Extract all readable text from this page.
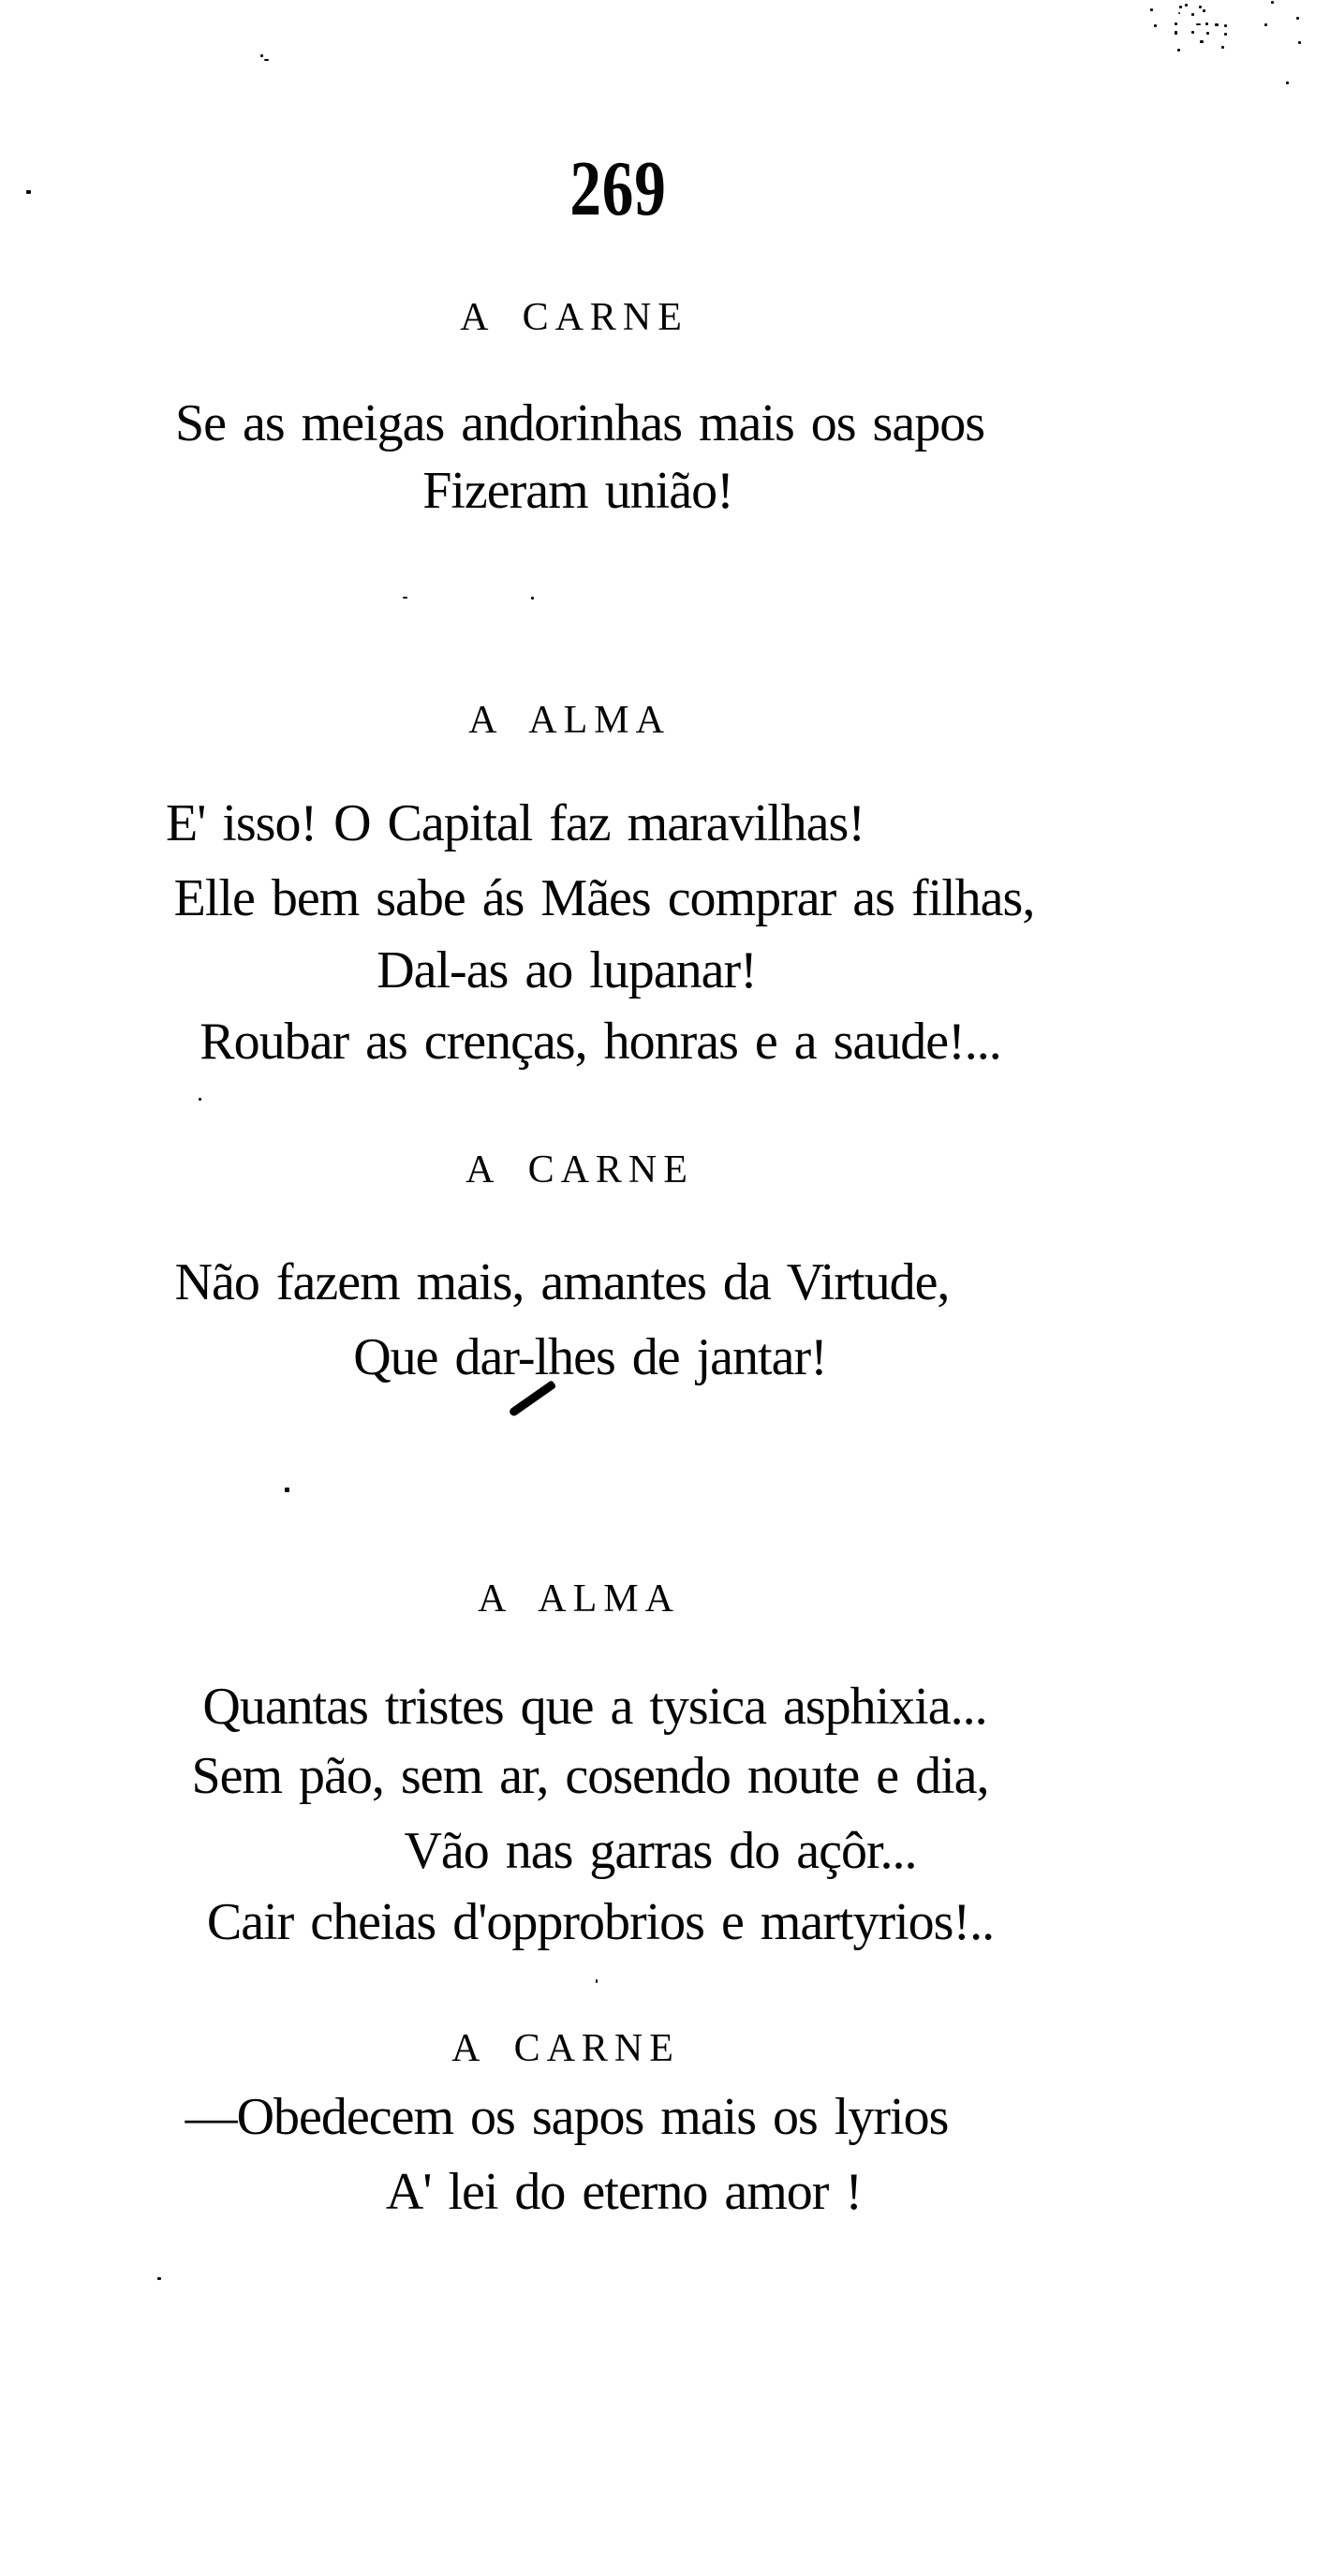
269
A CARNE
Se as meigas andorinhas mais os sapos
Fizeram união!
A ALMA
E' isso! O Capital faz maravilhas!
Elle bem sabe ás Mães comprar as filhas,
Dal-as ao lupanar!
Roubar as crenças, honras e a saude!...
A CARNE
Não fazem mais, amantes da Virtude,
Que dar-lhes de jantar!
A ALMA
Quantas tristes que a tysica asphixia...
Sem pão, sem ar, cosendo noute e dia,
Vão nas garras do açôr...
Cair cheias d'opprobrios e martyrios!..
A CARNE
—Obedecem os sapos mais os lyrios
A' lei do eterno amor !
